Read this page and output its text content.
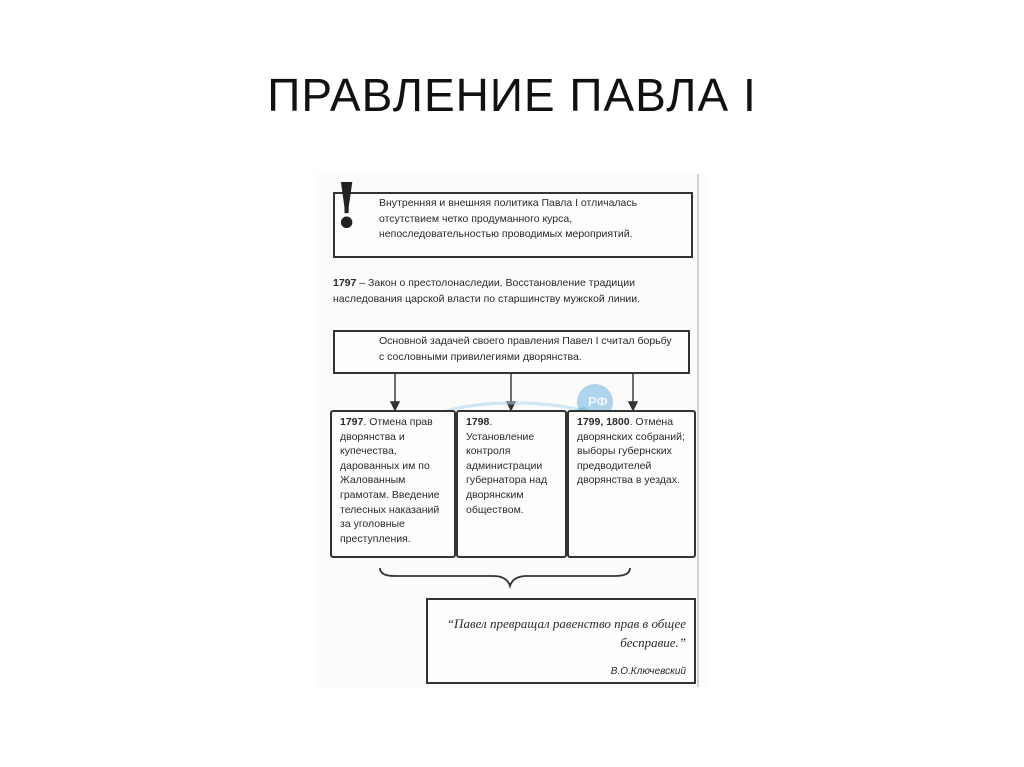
ПРАВЛЕНИЕ ПАВЛА I
! Внутренняя и внешняя политика Павла I отличалась отсутствием четко продуманного курса, непоследовательностью проводимых мероприятий.
1797 – Закон о престолонаследии. Восстановление традиции наследования царской власти по старшинству мужской линии.
Основной задачей своего правления Павел I считал борьбу с сословными привилегиями дворянства.
РФ
1797. Отмена прав дворянства и купечества, дарованных им по Жалованным грамотам. Введение телесных наказаний за уголовные преступления.
1798. Установление контроля администрации губернатора над дворянским обществом.
1799, 1800. Отмена дворянских собраний; выборы губернских предводителей дворянства в уездах.
“Павел превращал равенство прав в общее бесправие.”
В.О.Ключевский
